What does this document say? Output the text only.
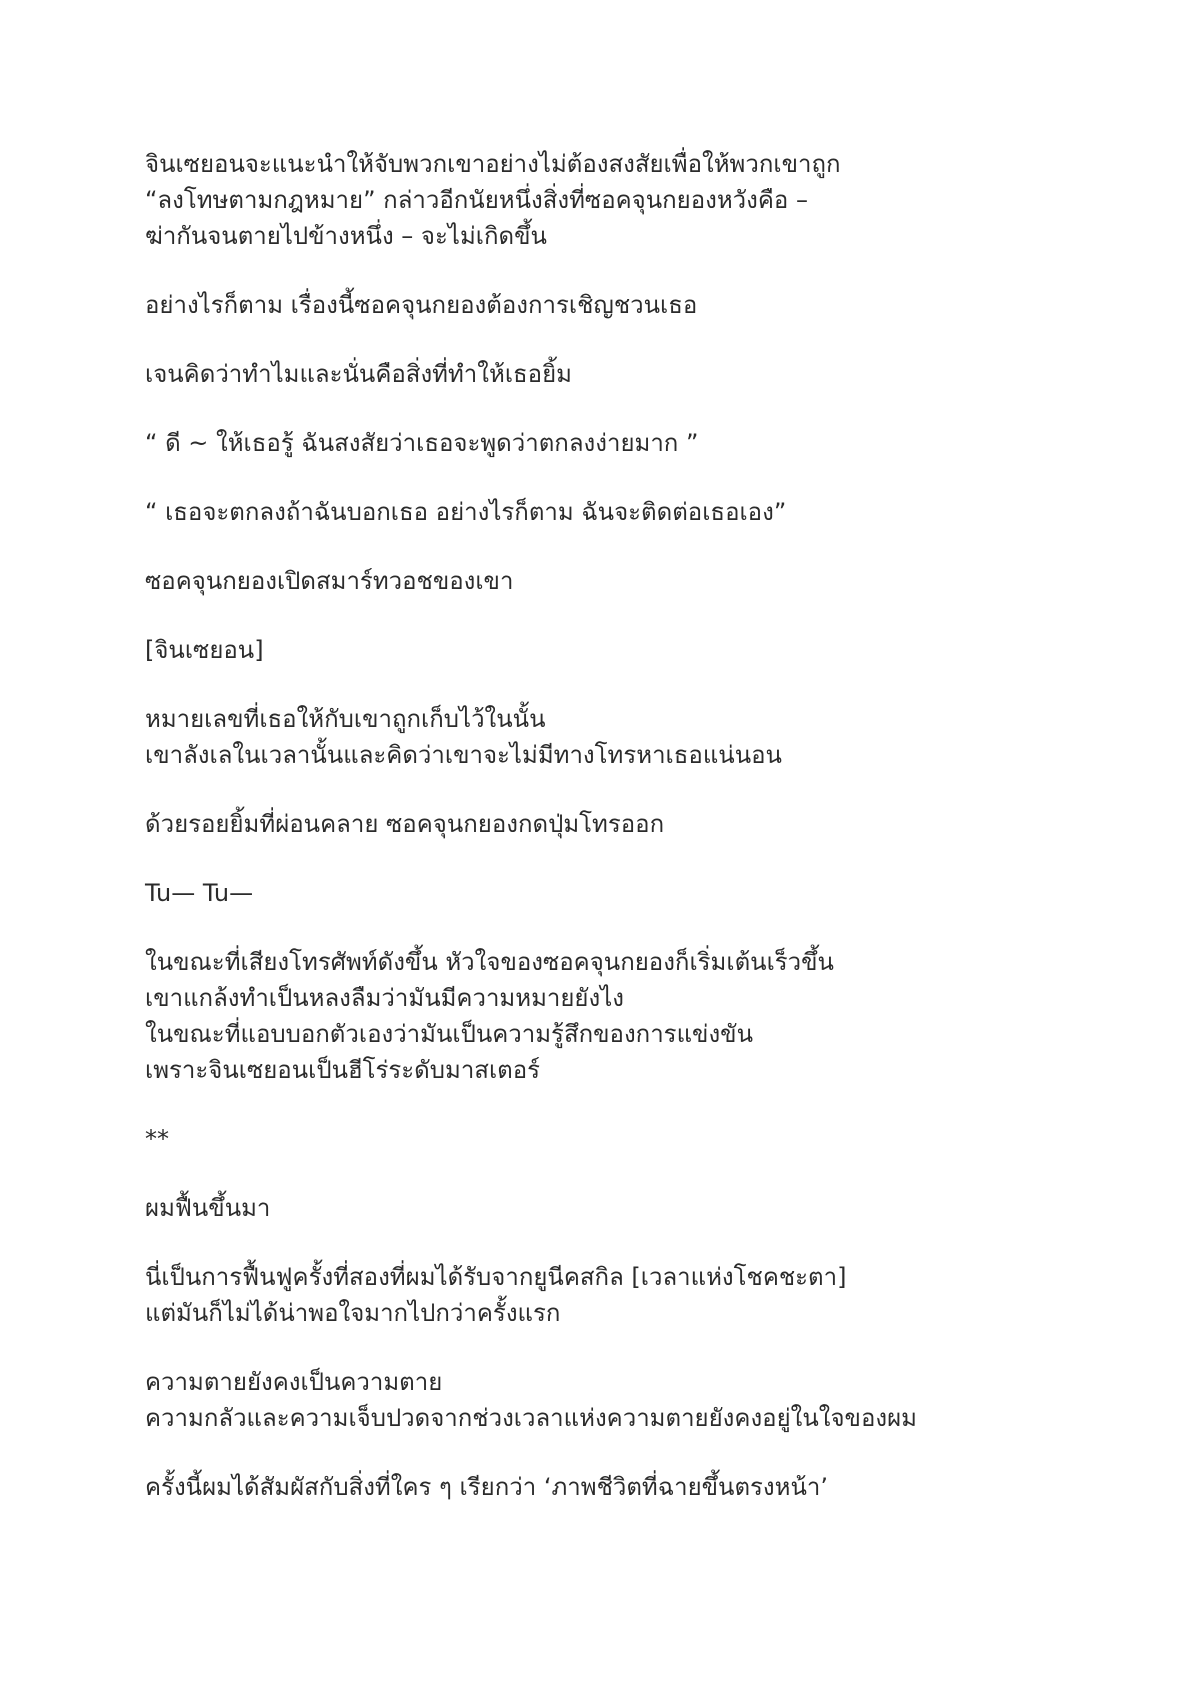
จินเซยอนจะแนะนำให้จับพวกเขาอย่างไม่ต้องสงสัยเพื่อให้พวกเขาถูก
“ลงโทษตามกฎหมาย” กล่าวอีกนัยหนึ่งสิ่งที่ซอคจุนกยองหวังคือ –
ฆ่ากันจนตายไปข้างหนึ่ง – จะไม่เกิดขึ้น

อย่างไรก็ตาม เรื่องนี้ซอคจุนกยองต้องการเชิญชวนเธอ

เจนคิดว่าทำไมและนั่นคือสิ่งที่ทำให้เธอยิ้ม

“ ดี ~ ให้เธอรู้ ฉันสงสัยว่าเธอจะพูดว่าตกลงง่ายมาก ”

“ เธอจะตกลงถ้าฉันบอกเธอ อย่างไรก็ตาม ฉันจะติดต่อเธอเอง”

ซอคจุนกยองเปิดสมาร์ทวอชของเขา

[จินเซยอน]

หมายเลขที่เธอให้กับเขาถูกเก็บไว้ในนั้น
เขาลังเลในเวลานั้นและคิดว่าเขาจะไม่มีทางโทรหาเธอแน่นอน

ด้วยรอยยิ้มที่ผ่อนคลาย ซอคจุนกยองกดปุ่มโทรออก

Tu— Tu—

ในขณะที่เสียงโทรศัพท์ดังขึ้น หัวใจของซอคจุนกยองก็เริ่มเต้นเร็วขึ้น
เขาแกล้งทำเป็นหลงลืมว่ามันมีความหมายยังไง
ในขณะที่แอบบอกตัวเองว่ามันเป็นความรู้สึกของการแข่งขัน
เพราะจินเซยอนเป็นฮีโร่ระดับมาสเตอร์

**

ผมฟื้นขึ้นมา

นี่เป็นการฟื้นฟูครั้งที่สองที่ผมได้รับจากยูนีคสกิล [เวลาแห่งโชคชะตา]
แต่มันก็ไม่ได้น่าพอใจมากไปกว่าครั้งแรก

ความตายยังคงเป็นความตาย
ความกลัวและความเจ็บปวดจากช่วงเวลาแห่งความตายยังคงอยู่ในใจของผม

ครั้งนี้ผมได้สัมผัสกับสิ่งที่ใคร ๆ เรียกว่า ‘ภาพชีวิตที่ฉายขึ้นตรงหน้า’
